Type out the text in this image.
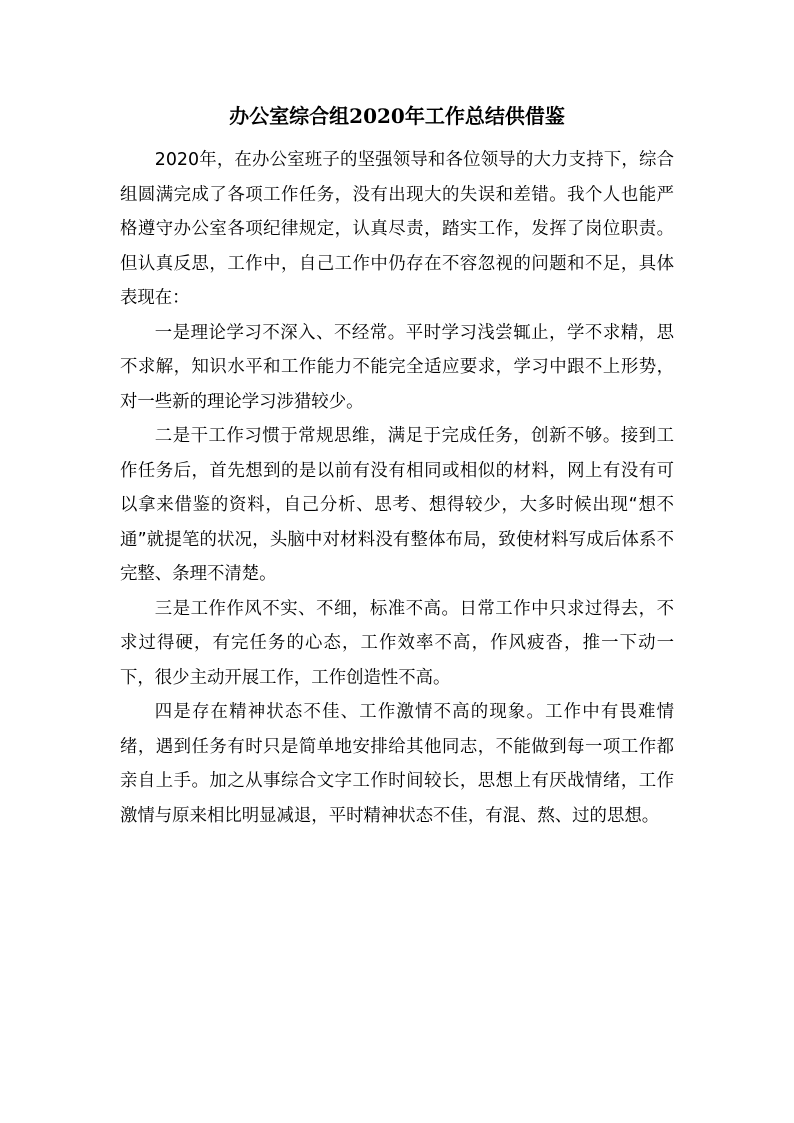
办公室综合组2020年工作总结供借鉴

2020年，在办公室班子的坚强领导和各位领导的大力支持下，综合组圆满完成了各项工作任务，没有出现大的失误和差错。我个人也能严格遵守办公室各项纪律规定，认真尽责，踏实工作，发挥了岗位职责。但认真反思，工作中，自己工作中仍存在不容忽视的问题和不足，具体表现在：

一是理论学习不深入、不经常。平时学习浅尝辄止，学不求精，思不求解，知识水平和工作能力不能完全适应要求，学习中跟不上形势，对一些新的理论学习涉猎较少。

二是干工作习惯于常规思维，满足于完成任务，创新不够。接到工作任务后，首先想到的是以前有没有相同或相似的材料，网上有没有可以拿来借鉴的资料，自己分析、思考、想得较少，大多时候出现“想不通”就提笔的状况，头脑中对材料没有整体布局，致使材料写成后体系不完整、条理不清楚。

三是工作作风不实、不细，标准不高。日常工作中只求过得去，不求过得硬，有完任务的心态，工作效率不高，作风疲沓，推一下动一下，很少主动开展工作，工作创造性不高。

四是存在精神状态不佳、工作激情不高的现象。工作中有畏难情绪，遇到任务有时只是简单地安排给其他同志，不能做到每一项工作都亲自上手。加之从事综合文字工作时间较长，思想上有厌战情绪，工作激情与原来相比明显减退，平时精神状态不佳，有混、熬、过的思想。
